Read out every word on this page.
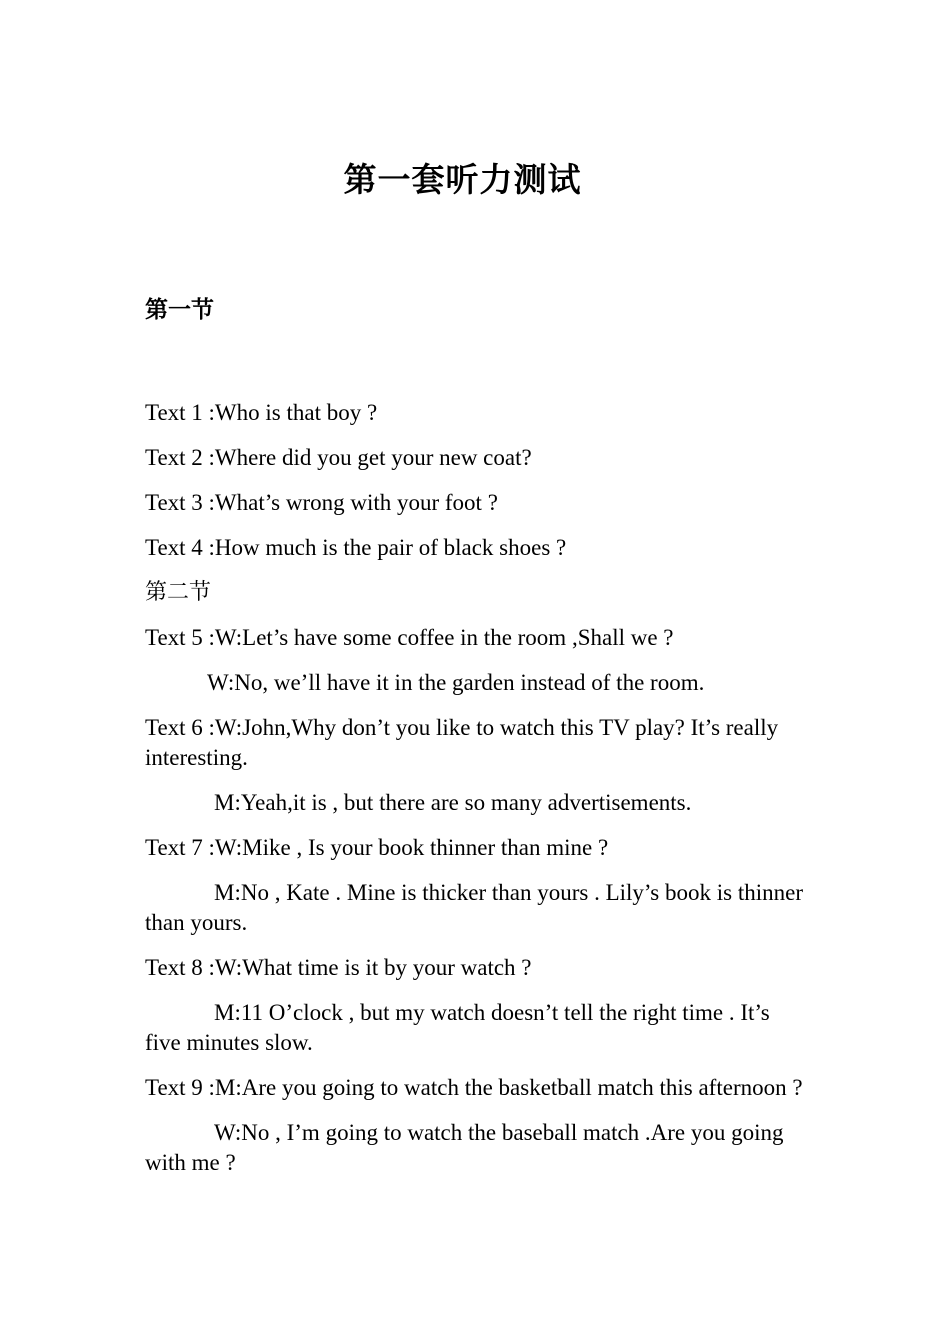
第一套听力测试
第一节

Text 1 :Who is that boy ?

Text 2 :Where did you get your new coat?

Text 3 :What’s wrong with your foot ?

Text 4 :How much is the pair of black shoes ?

第二节

Text 5 :W:Let’s have some coffee in the room ,Shall we ?

W:No, we’ll have it in the garden instead of the room.

Text 6 :W:John,Why don’t you like to watch this TV play? It’s really interesting.

M:Yeah,it is , but there are so many advertisements.

Text 7 :W:Mike , Is your book thinner than mine ?

M:No , Kate . Mine is thicker than yours . Lily’s book is thinner than yours.

Text 8 :W:What time is it by your watch ?

M:11 O’clock , but my watch doesn’t tell the right time . It’s five minutes slow.

Text 9 :M:Are you going to watch the basketball match this afternoon ?

W:No , I’m going to watch the baseball match .Are you going with me ?
